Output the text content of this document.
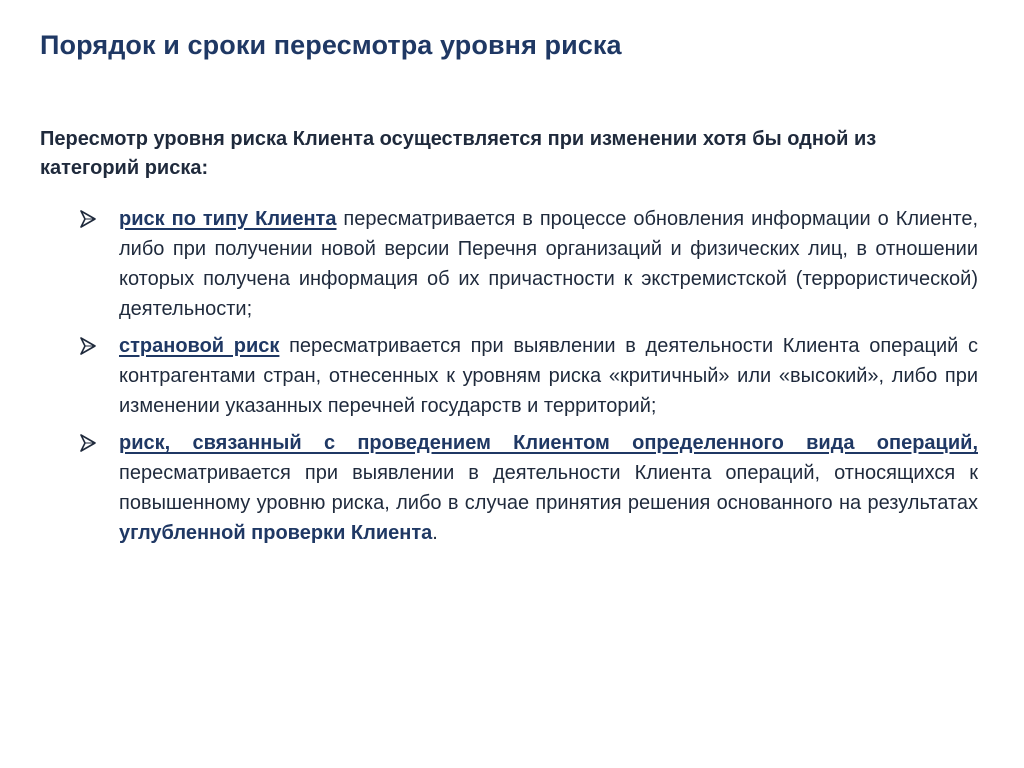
Порядок и сроки пересмотра уровня риска

Пересмотр уровня риска Клиента осуществляется при изменении хотя бы одной из категорий риска:

риск по типу Клиента пересматривается в процессе обновления информации о Клиенте, либо при получении новой версии Перечня организаций и физических лиц, в отношении которых получена информация об их причастности к экстремистской (террористической) деятельности;
страновой риск пересматривается при выявлении в деятельности Клиента операций с контрагентами стран, отнесенных к уровням риска «критичный» или «высокий», либо при изменении указанных перечней государств и территорий;
риск, связанный с проведением Клиентом определенного вида операций, пересматривается при выявлении в деятельности Клиента операций, относящихся к повышенному уровню риска, либо в случае принятия решения основанного на результатах углубленной проверки Клиента.
